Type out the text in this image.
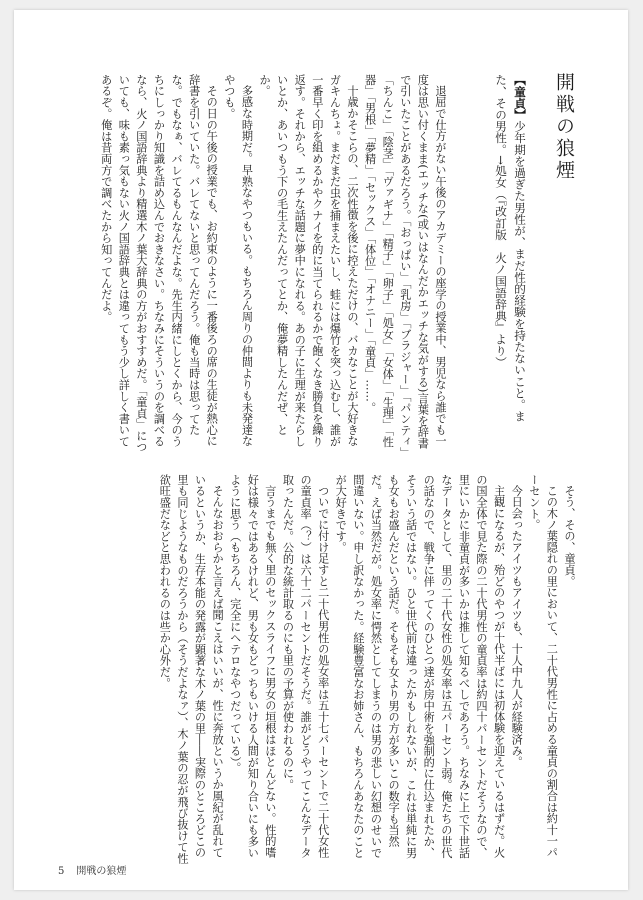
開戦の狼煙

【童貞】少年期を過ぎた男性が、まだ性的経験を持たないこと。また、その男性。→処女（『改訂版　火ノ国語辞典』より）

退屈で仕方がない午後のアカデミーの座学の授業中、男児なら誰でも一度は思い付くまま(エッチな(或いはなんだかエッチな気がする)言葉を辞書で引いたことがあるだろう。「おっぱい」「乳房」「ブラジャー」「パンティ」「ちんこ」「陰茎」「ヴァギナ」「精子」「卵子」「処女」「女体」「生理」「性器」「男根」「夢精」「セックス」「体位」「オナニー」「童貞」……。

十歳かそこらの、二次性徴を後に控えただけの、バカなことが大好きなガキんちょ。まだまだ虫を捕まえたいし、蛙には爆竹を突っ込むし、誰が一番早く印を組めるかやクナイを的に当てられるかで飽くなき勝負を繰り返す。それから、エッチな話題に夢中になれる。あの子に生理が来たらしいとか、あいつもう下の毛生えたんだってとか、俺夢精したんだぜ、とか。

多感な時期だ。早熟なやつもいる。もちろん周りの仲間よりも未発達なやつも。

その日の午後の授業でも、お約束のように一番後ろの席の生徒が熱心に辞書を引いていた。バレてないと思ってんだろう。俺も当時は思ってたな。でもなぁ、バレてるもんなんだよな。先生内緒にしとくから、今のうちにしっかり知識を詰め込んでおきなさい。ちなみにそういうのを調べるなら、火ノ国語辞典より精選木ノ葉大辞典の方がおすすめだ。「童貞」についても、味も素っ気もない火ノ国語辞典とは違ってもう少し詳しく書いてあるぞ。俺は昔両方で調べたから知ってんだよ。

そう、その、童貞。

この木ノ葉隠れの里において、二十代男性に占める童貞の割合は約十一パーセント。

今日会ったアイツもアイツも、十人中九人が経験済み。

主観になるが、殆どのやつが十代半ばには初体験を迎えているはずだ。火の国全体で見た際の二十代男性の童貞率は約四十パーセントだそうなので、里にいかに非童貞が多いかは推して知るべしであろう。ちなみに上で下世話なデータとして、里の二十代女性の処女率は五パーセント弱。俺たちの世代の話なので、戦争に伴ってくのひとつ達が房中術を強制的に仕込まれたか、そういう話ではない。ひと世代前は違ったかもしれないが、これは単純に男も女もお盛んだという話だ。そもそも女より男の方が多いこの数字も当然だ。えば当然だが。処女率に愕然としてしまうのは男の悲しい幻想のせいで間違いない。申し訳なかった。経験豊富なお姉さん、もちろんあなたのことが大好きです。

ついでに付け足すと二十代男性の処女率は五十七パーセントで二十代女性の童貞率（？）は六十二パーセントだそうだ。誰がどうやってこんなデータ取ったんだ。公的な統計取るのにも里の予算が使われるのに。

言うまでも無く里のセックスライフに男女の垣根はほとんどない。性的嗜好は様々ではあるけれど、男も女もどっちもいける人間が知り合いにも多いように思う（もちろん、完全にヘテロなやつだっている）。

そんなおおらかと言えば聞こえはいいが、性に奔放というか風紀が乱れているというか、生存本能の発露が顕著な木ノ葉の里――実際のところどこの里も同じようなものだろうから（そうだよなァ）、木ノ葉の忍が飛び抜けて性欲旺盛だなどと思われるのは些か心外だ。

5 開戦の狼煙
